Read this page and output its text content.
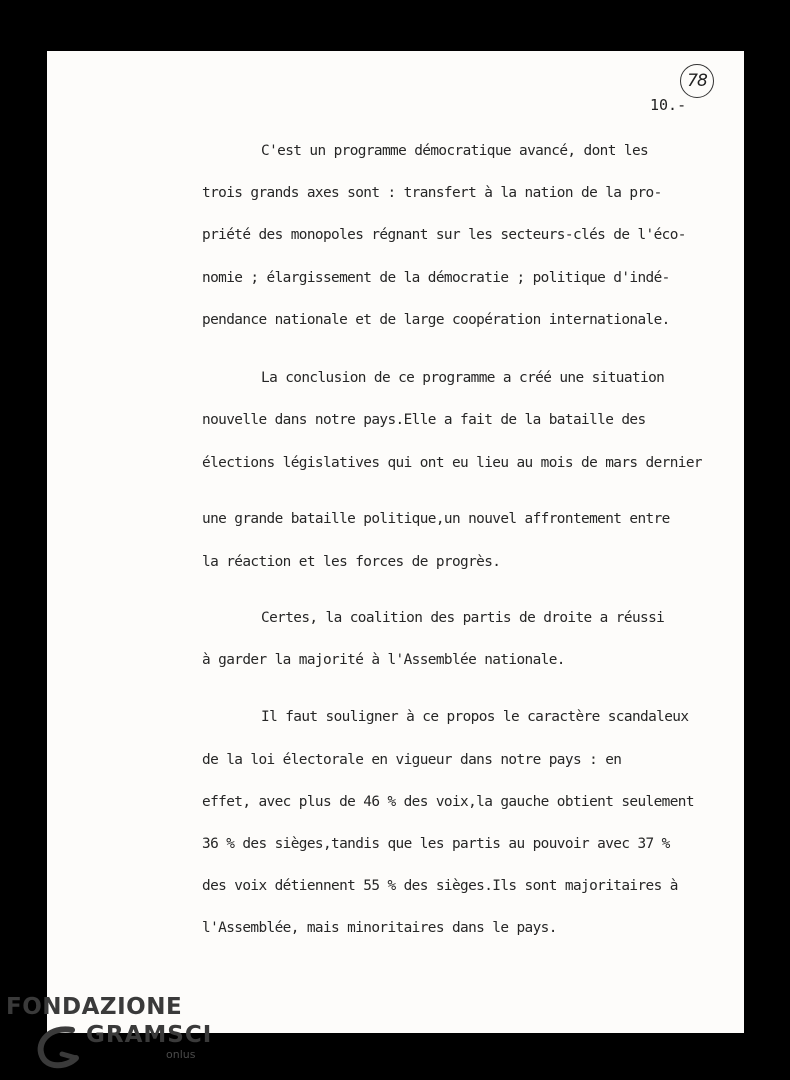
78
10.-
C'est un programme démocratique avancé, dont les
trois grands axes sont : transfert à la nation de la pro-
priété des monopoles régnant sur les secteurs-clés de l'éco-
nomie ; élargissement de la démocratie ; politique d'indé-
pendance nationale et de large coopération internationale.
La conclusion de ce programme a créé une situation
nouvelle dans notre pays.Elle a fait de la bataille des
élections législatives qui ont eu lieu au mois de mars dernier
une grande bataille politique,un nouvel affrontement entre
la réaction et les forces de progrès.
Certes, la coalition des partis de droite a réussi
à garder la majorité à l'Assemblée nationale.
Il faut souligner à ce propos le caractère scandaleux
de la loi électorale en vigueur dans notre pays : en
effet, avec plus de 46 % des voix,la gauche obtient seulement
36 % des sièges,tandis que les partis au pouvoir avec 37 %
des voix détiennent 55 % des sièges.Ils sont majoritaires à
l'Assemblée, mais minoritaires dans le pays.
FONDAZIONE
GRAMSCI
onlus
